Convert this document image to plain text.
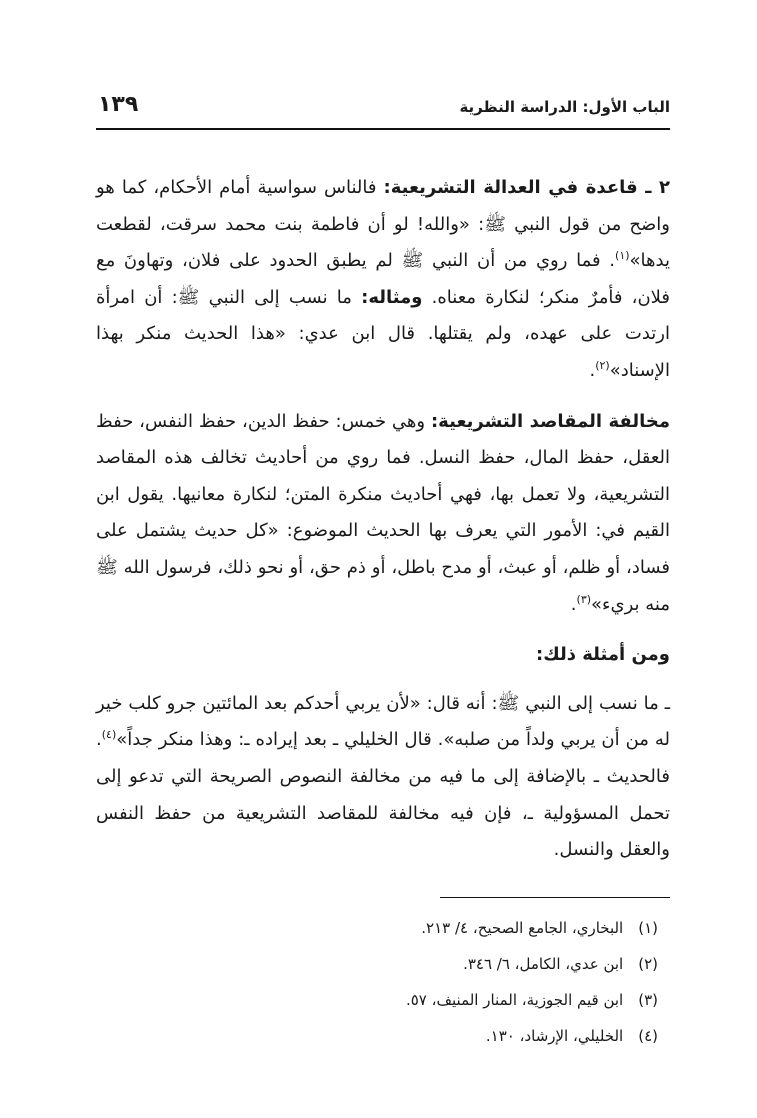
الباب الأول: الدراسة النظرية
١٣٩

٢ ـ قاعدة في العدالة التشريعية: فالناس سواسية أمام الأحكام، كما هو واضح من قول النبي ﷺ: «والله! لو أن فاطمة بنت محمد سرقت، لقطعت يدها»$^{(١)}$. فما روي من أن النبي ﷺ لم يطبق الحدود على فلان، وتهاونَ مع فلان، فأمرٌ منكر؛ لنكارة معناه. ومثاله: ما نسب إلى النبي ﷺ: أن امرأة ارتدت على عهده، ولم يقتلها. قال ابن عدي: «هذا الحديث منكر بهذا الإسناد»$^{(٢)}$.

مخالفة المقاصد التشريعية: وهي خمس: حفظ الدين، حفظ النفس، حفظ العقل، حفظ المال، حفظ النسل. فما روي من أحاديث تخالف هذه المقاصد التشريعية، ولا تعمل بها، فهي أحاديث منكرة المتن؛ لنكارة معانيها. يقول ابن القيم في: الأمور التي يعرف بها الحديث الموضوع: «كل حديث يشتمل على فساد، أو ظلم، أو عبث، أو مدح باطل، أو ذم حق، أو نحو ذلك، فرسول الله ﷺ منه بريء»$^{(٣)}$.

ومن أمثلة ذلك:

ـ ما نسب إلى النبي ﷺ: أنه قال: «لأن يربي أحدكم بعد المائتين جرو كلب خير له من أن يربي ولداً من صلبه». قال الخليلي ـ بعد إيراده ـ: وهذا منكر جداً»$^{(٤)}$. فالحديث ـ بالإضافة إلى ما فيه من مخالفة النصوص الصريحة التي تدعو إلى تحمل المسؤولية ـ، فإن فيه مخالفة للمقاصد التشريعية من حفظ النفس والعقل والنسل.

(١) البخاري، الجامع الصحيح، ٤/ ٢١٣.

(٢) ابن عدي، الكامل، ٦/ ٣٤٦.

(٣) ابن قيم الجوزية، المنار المنيف، ٥٧.

(٤) الخليلي، الإرشاد، ١٣٠.
